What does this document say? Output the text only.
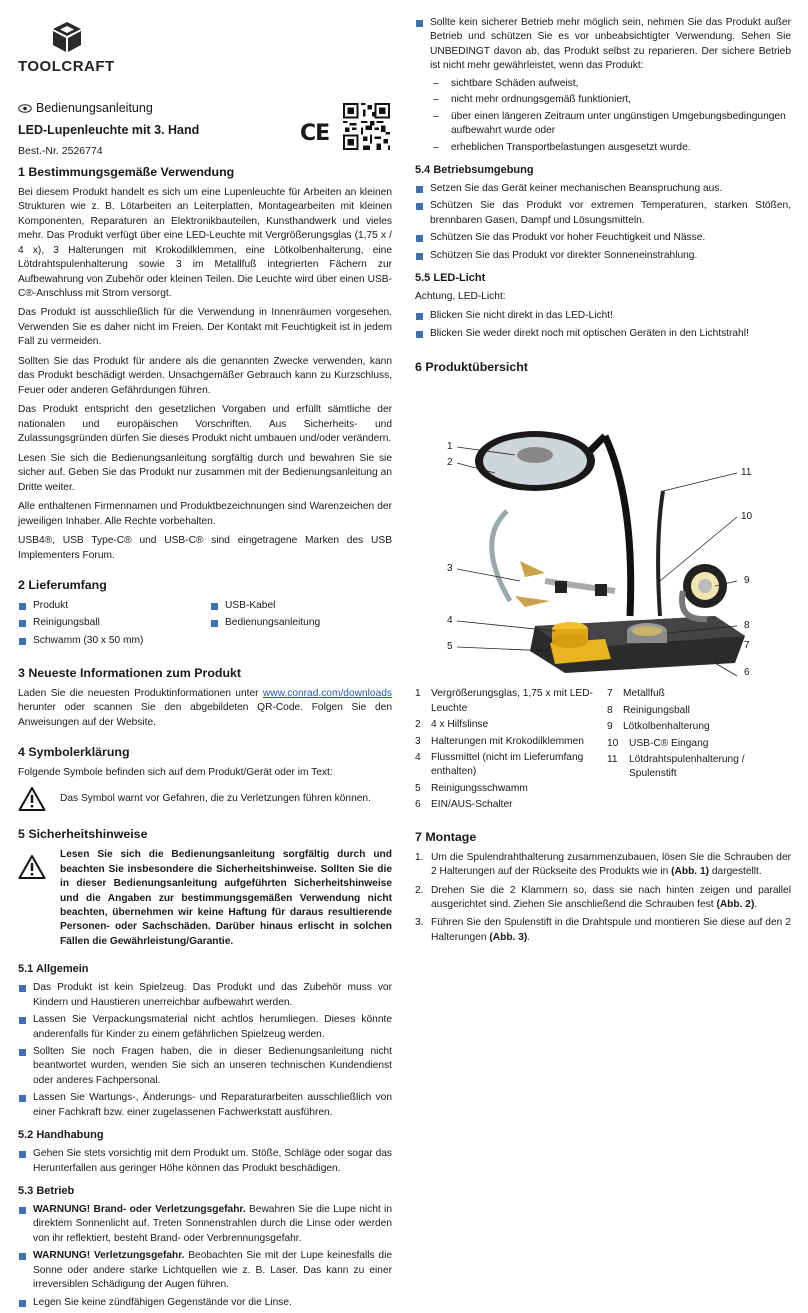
TOOLCRAFT
Bedienungsanleitung
LED-Lupenleuchte mit 3. Hand
Best.-Nr. 2526774
CE
1 Bestimmungsgemäße Verwendung

Bei diesem Produkt handelt es sich um eine Lupenleuchte für Arbeiten an kleinen Strukturen wie z. B. Lötarbeiten an Leiterplatten, Montagearbeiten mit kleinen Komponenten, Reparaturen an Elektronikbauteilen, Kunsthandwerk und vieles mehr. Das Produkt verfügt über eine LED-Leuchte mit Vergrößerungsglas (1,75 x / 4 x), 3 Halterungen mit Krokodilklemmen, eine Lötkolbenhalterung, eine Lötdrahtspulenhalterung sowie 3 im Metallfuß integrierten Fächern zur Aufbewahrung von Zubehör oder kleinen Teilen. Die Leuchte wird über einen USB-C®-Anschluss mit Strom versorgt.

Das Produkt ist ausschließlich für die Verwendung in Innenräumen vorgesehen. Verwenden Sie es daher nicht im Freien. Der Kontakt mit Feuchtigkeit ist in jedem Fall zu vermeiden.

Sollten Sie das Produkt für andere als die genannten Zwecke verwenden, kann das Produkt beschädigt werden. Unsachgemäßer Gebrauch kann zu Kurzschluss, Feuer oder anderen Gefährdungen führen.

Das Produkt entspricht den gesetzlichen Vorgaben und erfüllt sämtliche der nationalen und europäischen Vorschriften. Aus Sicherheits- und Zulassungsgründen dürfen Sie dieses Produkt nicht umbauen und/oder verändern.

Lesen Sie sich die Bedienungsanleitung sorgfältig durch und bewahren Sie sie sicher auf. Geben Sie das Produkt nur zusammen mit der Bedienungsanleitung an Dritte weiter.

Alle enthaltenen Firmennamen und Produktbezeichnungen sind Warenzeichen der jeweiligen Inhaber. Alle Rechte vorbehalten.

USB4®, USB Type-C® und USB-C® sind eingetragene Marken des USB Implementers Forum.

2 Lieferumfang
Produkt	USB-Kabel
Reinigungsball	Bedienungsanleitung
Schwamm (30 x 50 mm)
3 Neueste Informationen zum Produkt

Laden Sie die neuesten Produktinformationen unter www.conrad.com/downloads herunter oder scannen Sie den abgebildeten QR-Code. Folgen Sie den Anweisungen auf der Website.

4 Symbolerklärung

Folgende Symbole befinden sich auf dem Produkt/Gerät oder im Text:

Das Symbol warnt vor Gefahren, die zu Verletzungen führen können.
5 Sicherheitshinweise

Lesen Sie sich die Bedienungsanleitung sorgfältig durch und beachten Sie insbesondere die Sicherheitshinweise. Sollten Sie die in dieser Bedienungsanleitung aufgeführten Sicherheitshinweise und die Angaben zur bestimmungsgemäßen Verwendung nicht beachten, übernehmen wir keine Haftung für daraus resultierende Personen- oder Sachschäden. Darüber hinaus erlischt in solchen Fällen die Gewährleistung/Garantie.

5.1 Allgemein
Das Produkt ist kein Spielzeug. Das Produkt und das Zubehör muss vor Kindern und Haustieren unerreichbar aufbewahrt werden.
Lassen Sie Verpackungsmaterial nicht achtlos herumliegen. Dieses könnte anderenfalls für Kinder zu einem gefährlichen Spielzeug werden.
Sollten Sie noch Fragen haben, die in dieser Bedienungsanleitung nicht beantwortet wurden, wenden Sie sich an unseren technischen Kundendienst oder anderes Fachpersonal.
Lassen Sie Wartungs-, Änderungs- und Reparaturarbeiten ausschließlich von einer Fachkraft bzw. einer zugelassenen Fachwerkstatt ausführen.
5.2 Handhabung
Gehen Sie stets vorsichtig mit dem Produkt um. Stöße, Schläge oder sogar das Herunterfallen aus geringer Höhe können das Produkt beschädigen.
5.3 Betrieb
WARNUNG! Brand- oder Verletzungsgefahr. Bewahren Sie die Lupe nicht in direktem Sonnenlicht auf. Treten Sonnenstrahlen durch die Linse oder werden von ihr reflektiert, besteht Brand- oder Verbrennungsgefahr.
WARNUNG! Verletzungsgefahr. Beobachten Sie mit der Lupe keinesfalls die Sonne oder andere starke Lichtquellen wie z. B. Laser. Das kann zu einer irreversiblen Schädigung der Augen führen.
Legen Sie keine zündfähigen Gegenstände vor die Linse.
Sollte kein sicherer Betrieb mehr möglich sein, nehmen Sie das Produkt außer Betrieb und schützen Sie es vor unbeabsichtigter Verwendung. Sehen Sie UNBEDINGT davon ab, das Produkt selbst zu reparieren. Der sichere Betrieb ist nicht mehr gewährleistet, wenn das Produkt:
– sichtbare Schäden aufweist,
– nicht mehr ordnungsgemäß funktioniert,
– über einen längeren Zeitraum unter ungünstigen Umgebungsbedingungen aufbewahrt wurde oder
– erheblichen Transportbelastungen ausgesetzt wurde.
5.4 Betriebsumgebung
Setzen Sie das Gerät keiner mechanischen Beanspruchung aus.
Schützen Sie das Produkt vor extremen Temperaturen, starken Stößen, brennbaren Gasen, Dampf und Lösungsmitteln.
Schützen Sie das Produkt vor hoher Feuchtigkeit und Nässe.
Schützen Sie das Produkt vor direkter Sonneneinstrahlung.
5.5 LED-Licht

Achtung, LED-Licht:

Blicken Sie nicht direkt in das LED-Licht!
Blicken Sie weder direkt noch mit optischen Geräten in den Lichtstrahl!
6 Produktübersicht
1
2
3
4
5
11
10
9
8
7
6
1	Vergrößerungsglas, 1,75 x mit LED-Leuchte
2	4 x Hilfslinse
3	Halterungen mit Krokodilklemmen
4	Flussmittel (nicht im Lieferumfang enthalten)
5	Reinigungsschwamm
6	EIN/AUS-Schalter
7	Metallfuß
8	Reinigungsball
9	Lötkolbenhalterung
10	USB-C® Eingang
11	Lötdrahtspulenhalterung / Spulenstift
7 Montage
1. Um die Spulendrahthalterung zusammenzubauen, lösen Sie die Schrauben der 2 Halterungen auf der Rückseite des Produkts wie in (Abb. 1) dargestellt.
2. Drehen Sie die 2 Klammern so, dass sie nach hinten zeigen und parallel ausgerichtet sind. Ziehen Sie anschließend die Schrauben fest (Abb. 2).
3. Führen Sie den Spulenstift in die Drahtspule und montieren Sie diese auf den 2 Halterungen (Abb. 3).
